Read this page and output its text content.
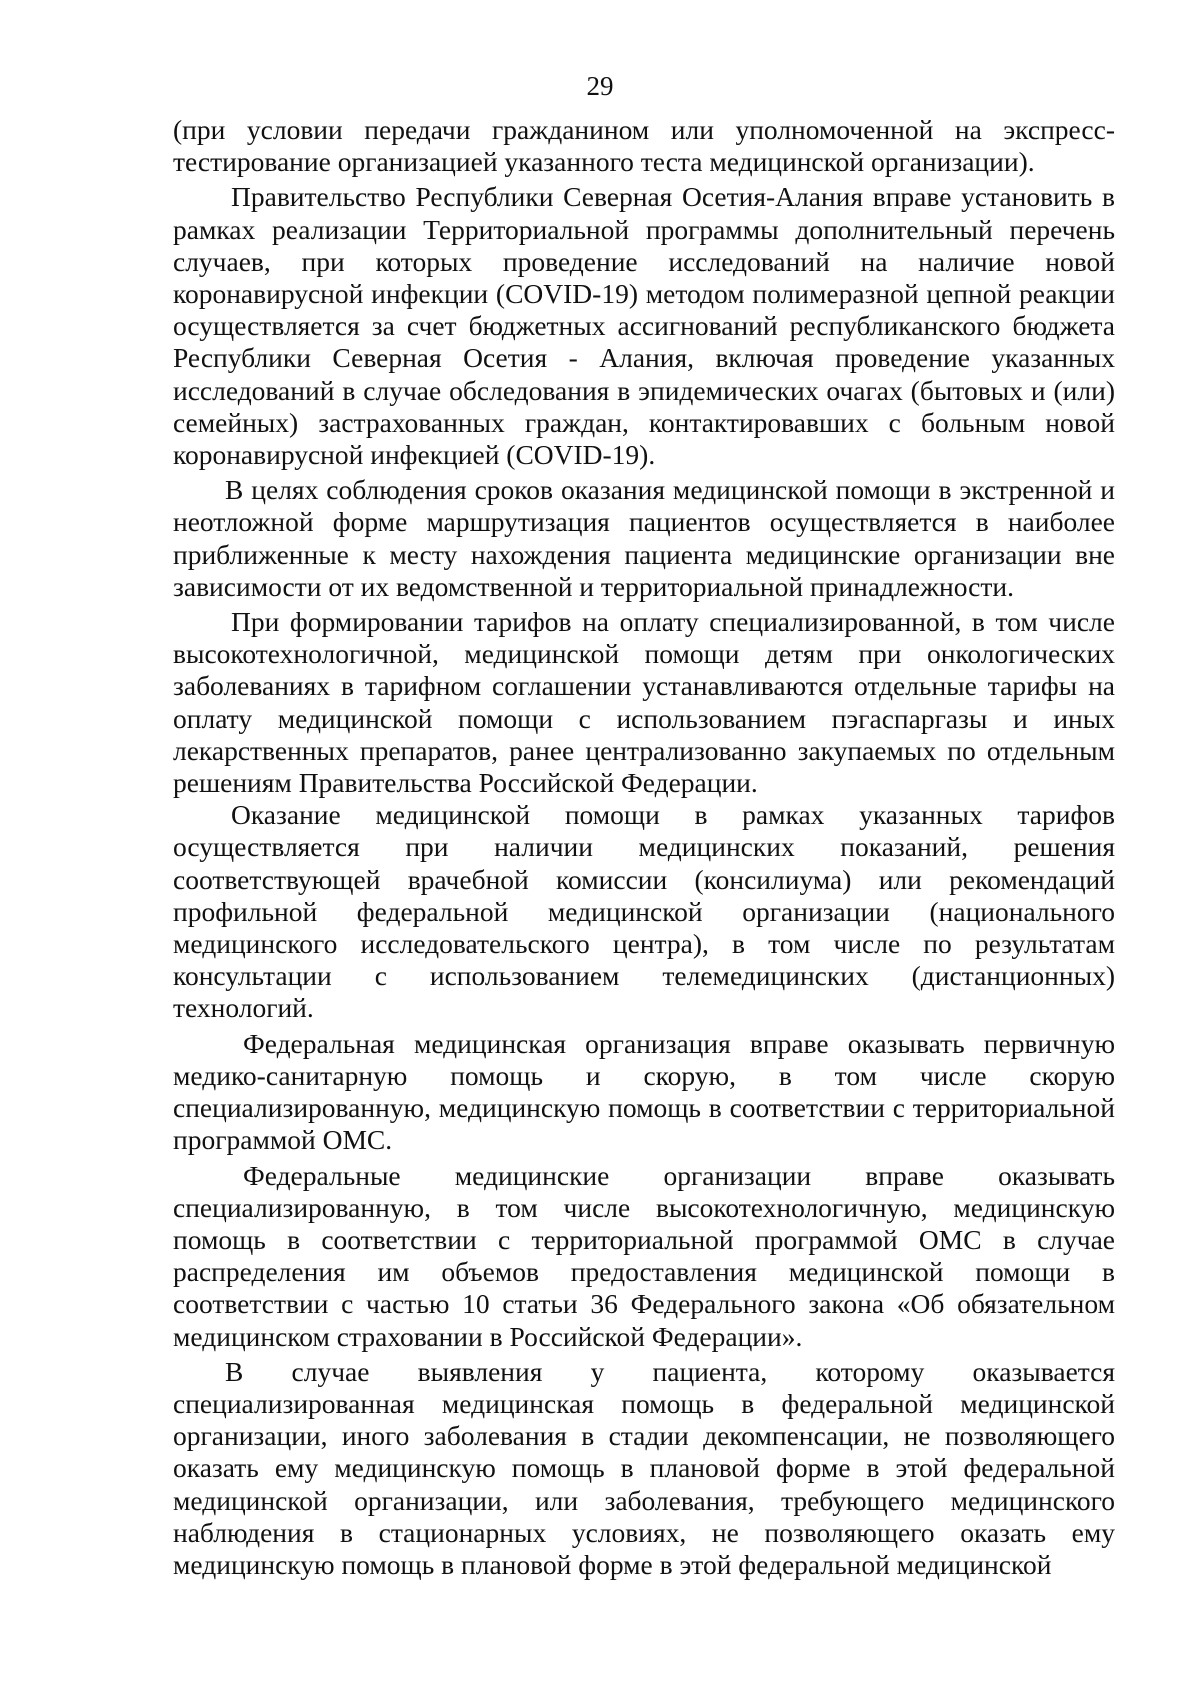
29

(при условии передачи гражданином или уполномоченной на экспресс-тестирование организацией указанного теста медицинской организации).

Правительство Республики Северная Осетия-Алания вправе установить в рамках реализации Территориальной программы дополнительный перечень случаев, при которых проведение исследований на наличие новой коронавирусной инфекции (COVID-19) методом полимеразной цепной реакции осуществляется за счет бюджетных ассигнований республиканского бюджета Республики Северная Осетия - Алания, включая проведение указанных исследований в случае обследования в эпидемических очагах (бытовых и (или) семейных) застрахованных граждан, контактировавших с больным новой коронавирусной инфекцией (COVID-19).

В целях соблюдения сроков оказания медицинской помощи в экстренной и неотложной форме маршрутизация пациентов осуществляется в наиболее приближенные к месту нахождения пациента медицинские организации вне зависимости от их ведомственной и территориальной принадлежности.

При формировании тарифов на оплату специализированной, в том числе высокотехнологичной, медицинской помощи детям при онкологических заболеваниях в тарифном соглашении устанавливаются отдельные тарифы на оплату медицинской помощи с использованием пэгаспаргазы и иных лекарственных препаратов, ранее централизованно закупаемых по отдельным решениям Правительства Российской Федерации.

Оказание медицинской помощи в рамках указанных тарифов осуществляется при наличии медицинских показаний, решения соответствующей врачебной комиссии (консилиума) или рекомендаций профильной федеральной медицинской организации (национального медицинского исследовательского центра), в том числе по результатам консультации с использованием телемедицинских (дистанционных) технологий.

Федеральная медицинская организация вправе оказывать первичную медико-санитарную помощь и скорую, в том числе скорую специализированную, медицинскую помощь в соответствии с территориальной программой ОМС.

Федеральные медицинские организации вправе оказывать специализированную, в том числе высокотехнологичную, медицинскую помощь в соответствии с территориальной программой ОМС в случае распределения им объемов предоставления медицинской помощи в соответствии с частью 10 статьи 36 Федерального закона «Об обязательном медицинском страховании в Российской Федерации».

В случае выявления у пациента, которому оказывается специализированная медицинская помощь в федеральной медицинской организации, иного заболевания в стадии декомпенсации, не позволяющего оказать ему медицинскую помощь в плановой форме в этой федеральной медицинской организации, или заболевания, требующего медицинского наблюдения в стационарных условиях, не позволяющего оказать ему медицинскую помощь в плановой форме в этой федеральной медицинской
